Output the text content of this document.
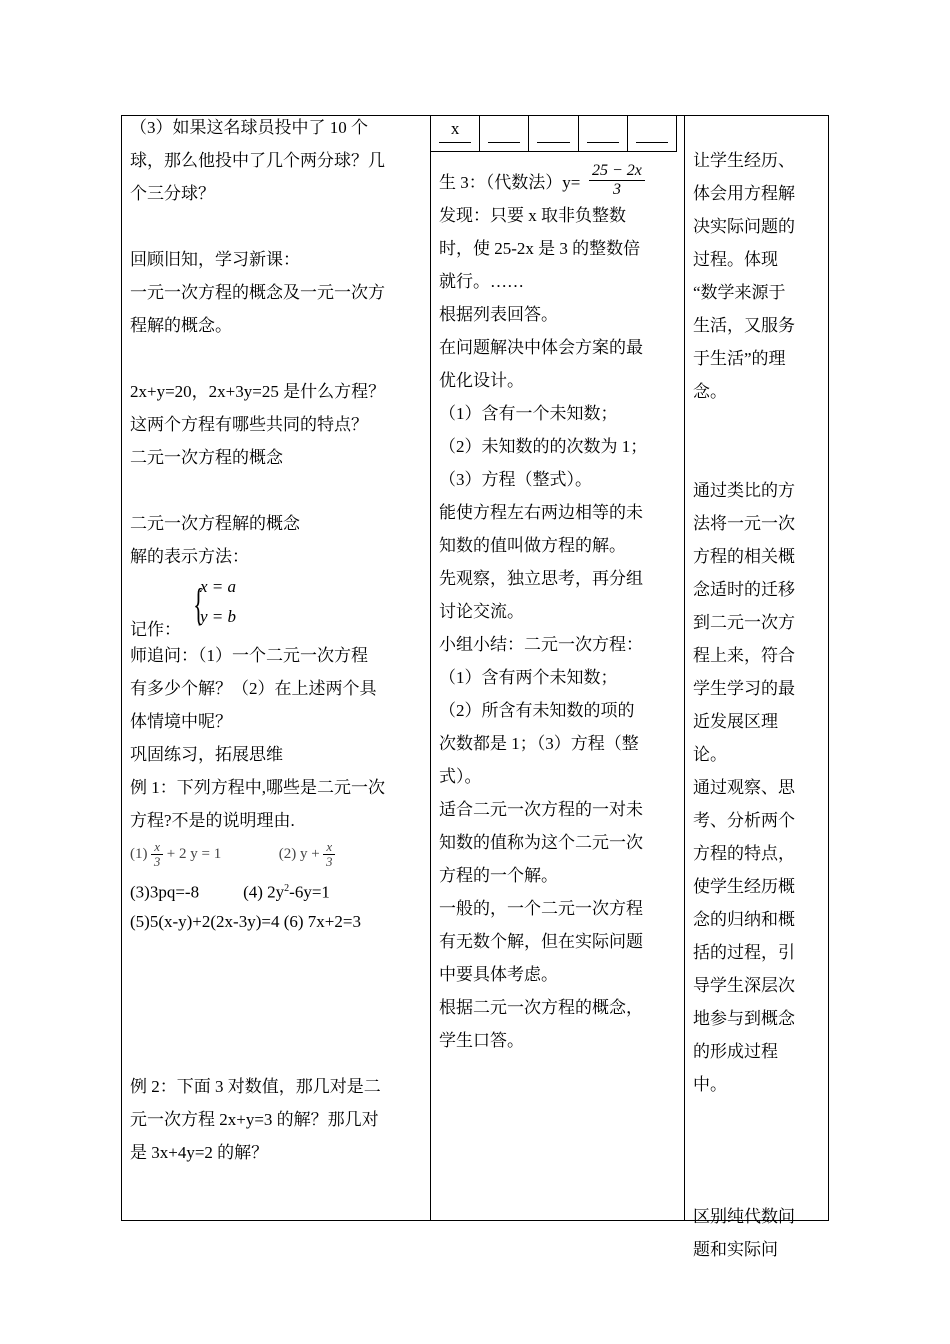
x
（3）如果这名球员投中了 10 个
球，那么他投中了几个两分球？几
个三分球？
回顾旧知，学习新课：
一元一次方程的概念及一元一次方
程解的概念。
2x+y=20，2x+3y=25 是什么方程？
这两个方程有哪些共同的特点？
二元一次方程的概念
二元一次方程解的概念
解的表示方法：
记作：
{
x = a
y = b
师追问：（1）一个二元一次方程
有多少个解？（2）在上述两个具
体情境中呢？
巩固练习，拓展思维
例 1：下列方程中,哪些是二元一次
方程?不是的说明理由.
$(1) \frac{x}{3} + 2$ y = 1	(2) $y + \frac{x}{3}$
(3)3pq=-8	(4) $2y^2-6y=1$
(5)5(x-y)+2(2x-3y)=4 (6) 7x+2=3
例 2：下面 3 对数值，那几对是二
元一次方程 2x+y=3 的解？那几对
是 3x+4y=2 的解？
生 3：（代数法）$y= \frac{25 - 2x}{3}$
发现：只要 x 取非负整数
时，使 25-2x 是 3 的整数倍
就行。……
根据列表回答。
在问题解决中体会方案的最
优化设计。
（1）含有一个未知数；
（2）未知数的的次数为 1；
（3）方程（整式）。
能使方程左右两边相等的未
知数的值叫做方程的解。
先观察，独立思考，再分组
讨论交流。
小组小结：二元一次方程：
（1）含有两个未知数；
（2）所含有未知数的项的
次数都是 1；（3）方程（整
式）。
适合二元一次方程的一对未
知数的值称为这个二元一次
方程的一个解。
一般的，一个二元一次方程
有无数个解，但在实际问题
中要具体考虑。
根据二元一次方程的概念，
学生口答。
让学生经历、
体会用方程解
决实际问题的
过程。体现
“数学来源于
生活，又服务
于生活”的理
念。
通过类比的方
法将一元一次
方程的相关概
念适时的迁移
到二元一次方
程上来，符合
学生学习的最
近发展区理
论。
通过观察、思
考、分析两个
方程的特点，
使学生经历概
念的归纳和概
括的过程，引
导学生深层次
地参与到概念
的形成过程
中。
区别纯代数问
题和实际问
